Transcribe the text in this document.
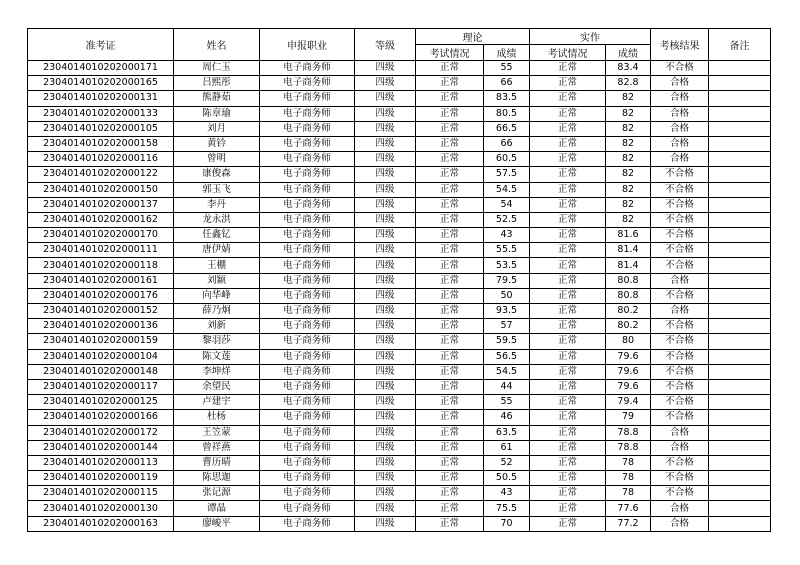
准考证	姓名	申报职业	等级	理论		实作		考核结果	备注
				考试情况	成绩	考试情况	成绩		
2304014010202000171	周仁玉	电子商务师	四级	正常	55	正常	83.4	不合格	
2304014010202000165	吕熙彤	电子商务师	四级	正常	66	正常	82.8	合格	
2304014010202000131	熊静茹	电子商务师	四级	正常	83.5	正常	82	合格	
2304014010202000133	陈章瑜	电子商务师	四级	正常	80.5	正常	82	合格	
2304014010202000105	刘月	电子商务师	四级	正常	66.5	正常	82	合格	
2304014010202000158	黄钤	电子商务师	四级	正常	66	正常	82	合格	
2304014010202000116	曾明	电子商务师	四级	正常	60.5	正常	82	合格	
2304014010202000122	康俊森	电子商务师	四级	正常	57.5	正常	82	不合格	
2304014010202000150	郭玉飞	电子商务师	四级	正常	54.5	正常	82	不合格	
2304014010202000137	李丹	电子商务师	四级	正常	54	正常	82	不合格	
2304014010202000162	龙永洪	电子商务师	四级	正常	52.5	正常	82	不合格	
2304014010202000170	任鑫钇	电子商务师	四级	正常	43	正常	81.6	不合格	
2304014010202000111	唐伊婧	电子商务师	四级	正常	55.5	正常	81.4	不合格	
2304014010202000118	王棚	电子商务师	四级	正常	53.5	正常	81.4	不合格	
2304014010202000161	刘颖	电子商务师	四级	正常	79.5	正常	80.8	合格	
2304014010202000176	向华峰	电子商务师	四级	正常	50	正常	80.8	不合格	
2304014010202000152	薛乃炯	电子商务师	四级	正常	93.5	正常	80.2	合格	
2304014010202000136	刘新	电子商务师	四级	正常	57	正常	80.2	不合格	
2304014010202000159	黎羽莎	电子商务师	四级	正常	59.5	正常	80	不合格	
2304014010202000104	陈文莲	电子商务师	四级	正常	56.5	正常	79.6	不合格	
2304014010202000148	李坤烊	电子商务师	四级	正常	54.5	正常	79.6	不合格	
2304014010202000117	余望民	电子商务师	四级	正常	44	正常	79.6	不合格	
2304014010202000125	卢建宇	电子商务师	四级	正常	55	正常	79.4	不合格	
2304014010202000166	杜杨	电子商务师	四级	正常	46	正常	79	不合格	
2304014010202000172	王笠蒙	电子商务师	四级	正常	63.5	正常	78.8	合格	
2304014010202000144	曾祥燕	电子商务师	四级	正常	61	正常	78.8	合格	
2304014010202000113	曹历晴	电子商务师	四级	正常	52	正常	78	不合格	
2304014010202000119	陈思迦	电子商务师	四级	正常	50.5	正常	78	不合格	
2304014010202000115	张记源	电子商务师	四级	正常	43	正常	78	不合格	
2304014010202000130	谭晶	电子商务师	四级	正常	75.5	正常	77.6	合格	
2304014010202000163	廖峻平	电子商务师	四级	正常	70	正常	77.2	合格	
